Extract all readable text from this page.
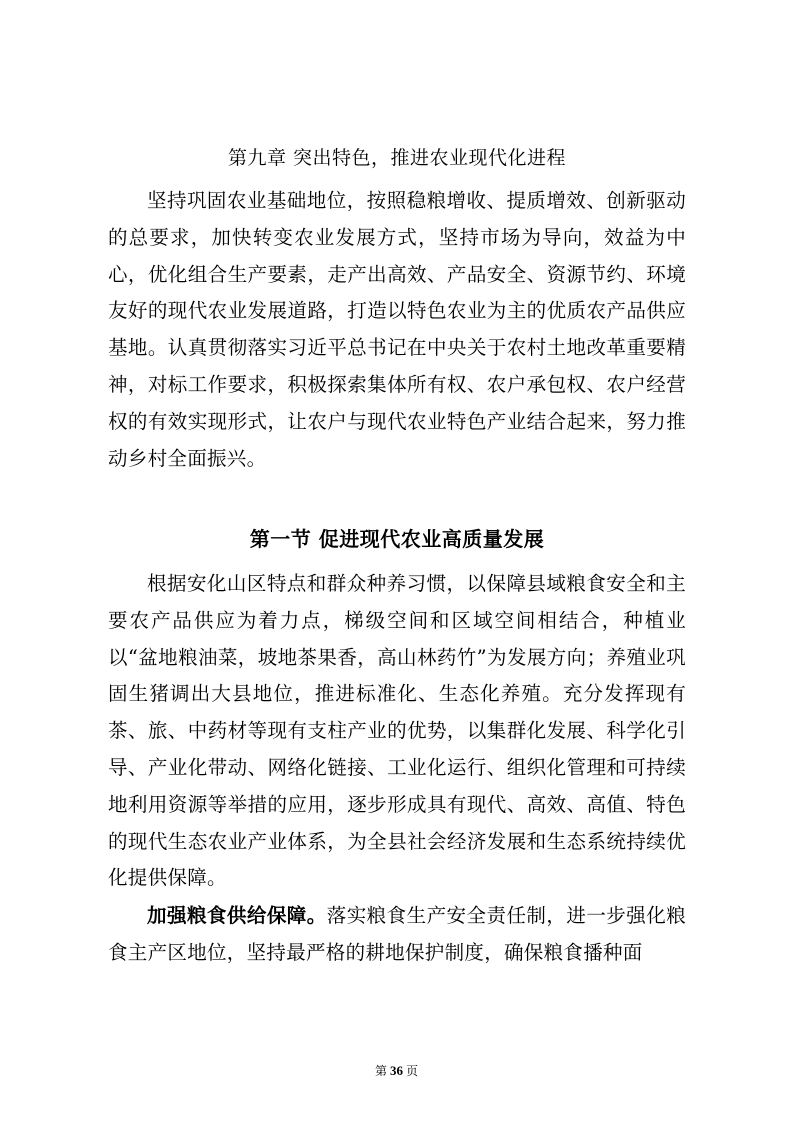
第九章 突出特色，推进农业现代化进程

坚持巩固农业基础地位，按照稳粮增收、提质增效、创新驱动的总要求，加快转变农业发展方式，坚持市场为导向，效益为中心，优化组合生产要素，走产出高效、产品安全、资源节约、环境友好的现代农业发展道路，打造以特色农业为主的优质农产品供应基地。认真贯彻落实习近平总书记在中央关于农村土地改革重要精神，对标工作要求，积极探索集体所有权、农户承包权、农户经营权的有效实现形式，让农户与现代农业特色产业结合起来，努力推动乡村全面振兴。

第一节 促进现代农业高质量发展

根据安化山区特点和群众种养习惯，以保障县域粮食安全和主要农产品供应为着力点，梯级空间和区域空间相结合，种植业以“盆地粮油菜，坡地茶果香，高山林药竹”为发展方向；养殖业巩固生猪调出大县地位，推进标准化、生态化养殖。充分发挥现有茶、旅、中药材等现有支柱产业的优势，以集群化发展、科学化引导、产业化带动、网络化链接、工业化运行、组织化管理和可持续地利用资源等举措的应用，逐步形成具有现代、高效、高值、特色的现代生态农业产业体系，为全县社会经济发展和生态系统持续优化提供保障。

加强粮食供给保障。落实粮食生产安全责任制，进一步强化粮食主产区地位，坚持最严格的耕地保护制度，确保粮食播种面

第 36 页
